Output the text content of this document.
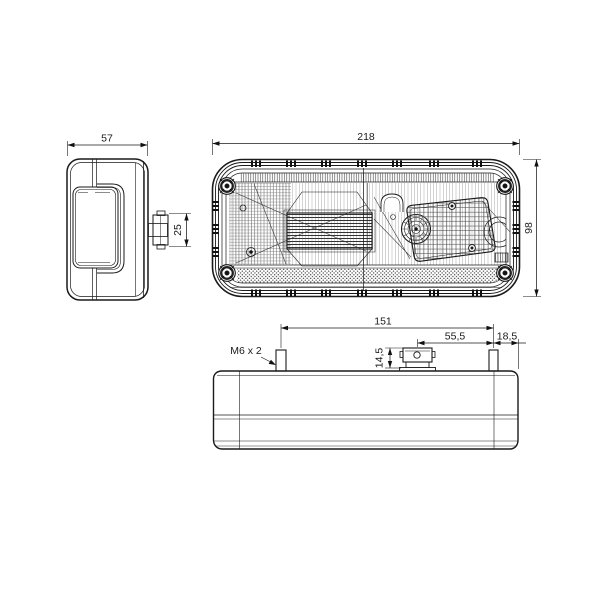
57
25
218
98
151
55,5	18,5
14,5
M6 x 2
